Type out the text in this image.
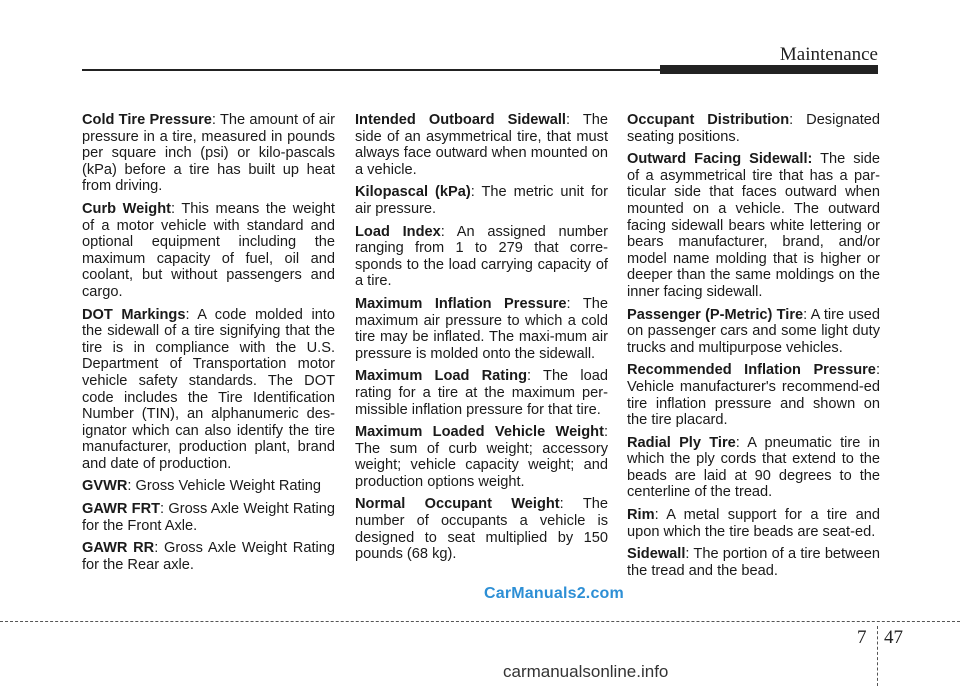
Maintenance

Cold Tire Pressure: The amount of air pressure in a tire, measured in pounds per square inch (psi) or kilo-pascals (kPa) before a tire has built up heat from driving.

Curb Weight: This means the weight of a motor vehicle with standard and optional equipment including the maximum capacity of fuel, oil and coolant, but without passengers and cargo.

DOT Markings: A code molded into the sidewall of a tire signifying that the tire is in compliance with the U.S. Department of Transportation motor vehicle safety standards. The DOT code includes the Tire Identification Number (TIN), an alphanumeric des-ignator which can also identify the tire manufacturer, production plant, brand and date of production.

GVWR: Gross Vehicle Weight Rating

GAWR FRT: Gross Axle Weight Rating for the Front Axle.

GAWR RR: Gross Axle Weight Rating for the Rear axle.

Intended Outboard Sidewall: The side of an asymmetrical tire, that must always face outward when mounted on a vehicle.

Kilopascal (kPa): The metric unit for air pressure.

Load Index: An assigned number ranging from 1 to 279 that corre-sponds to the load carrying capacity of a tire.

Maximum Inflation Pressure: The maximum air pressure to which a cold tire may be inflated. The maxi-mum air pressure is molded onto the sidewall.

Maximum Load Rating: The load rating for a tire at the maximum per-missible inflation pressure for that tire.

Maximum Loaded Vehicle Weight: The sum of curb weight; accessory weight; vehicle capacity weight; and production options weight.

Normal Occupant Weight: The number of occupants a vehicle is designed to seat multiplied by 150 pounds (68 kg).

Occupant Distribution: Designated seating positions.

Outward Facing Sidewall: The side of a asymmetrical tire that has a par-ticular side that faces outward when mounted on a vehicle. The outward facing sidewall bears white lettering or bears manufacturer, brand, and/or model name molding that is higher or deeper than the same moldings on the inner facing sidewall.

Passenger (P-Metric) Tire: A tire used on passenger cars and some light duty trucks and multipurpose vehicles.

Recommended Inflation Pressure: Vehicle manufacturer's recommend-ed tire inflation pressure and shown on the tire placard.

Radial Ply Tire: A pneumatic tire in which the ply cords that extend to the beads are laid at 90 degrees to the centerline of the tread.

Rim: A metal support for a tire and upon which the tire beads are seat-ed.

Sidewall: The portion of a tire between the tread and the bead.

CarManuals2.com
7 47
carmanualsonline.info
